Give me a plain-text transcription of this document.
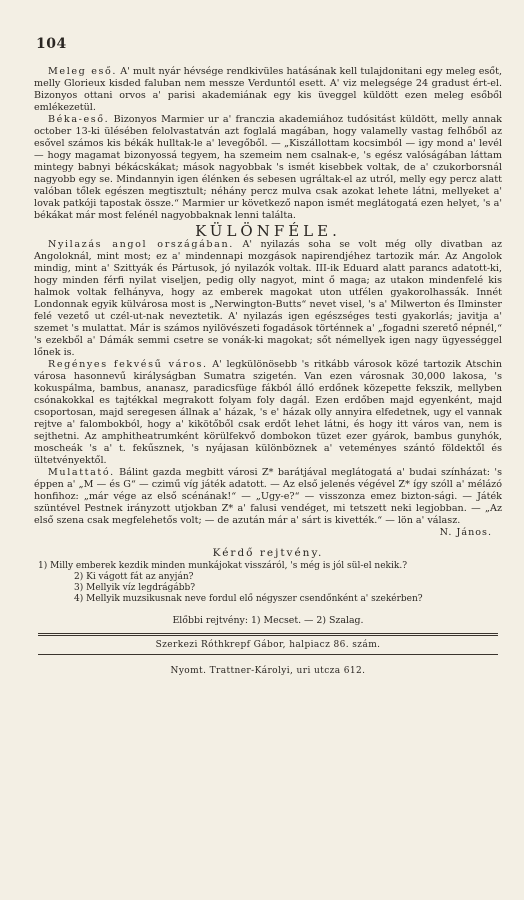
104

Meleg eső. A' mult nyár hévsége rendkivüles hatásának kell tulajdonitani egy meleg esőt, melly Glorieux kisded faluban nem messze Verduntól esett. A' viz melegsége 24 gradust ért-el. Bizonyos ottani orvos a' parisi akademiának egy kis üveggel küldött ezen meleg esőből emlékezetül.

Béka-eső. Bizonyos Marmier ur a' franczia akademiához tudósitást küldött, melly annak october 13-ki ülésében felolvastatván azt foglalá magában, hogy valamelly vastag felhőből az esővel számos kis békák hulltak-le a' levegőből. — „Kiszállottam kocsimból — igy mond a' levél — hogy magamat bizonyossá tegyem, ha szemeim nem csalnak-e, 's egész valóságában láttam mintegy babnyi békácskákat; mások nagyobbak 's ismét kisebbek voltak, de a' czukorborsnál nagyobb egy se. Mindannyin igen élénken és sebesen ugráltak-el az utról, melly egy percz alatt valóban tőlek egészen megtisztult; néhány percz mulva csak azokat lehete látni, mellyeket a' lovak patkóji tapostak össze.“ Marmier ur következő napon ismét meglátogatá ezen helyet, 's a' békákat már most felénél nagyobbaknak lenni találta.

KÜLÖNFÉLE.

Nyilazás angol országában. A' nyilazás soha se volt még olly divatban az Angoloknál, mint most; ez a' mindennapi mozgások napirendjéhez tartozik már. Az Angolok mindig, mint a' Szittyák és Pártusok, jó nyilazók voltak. III-ik Eduard alatt parancs adatott-ki, hogy minden férfi nyilat viseljen, pedig olly nagyot, mint ő maga; az utakon mindenfelé kis halmok voltak felhányva, hogy az emberek magokat uton utfélen gyakorolhassák. Innét Londonnak egyik külvárosa most is „Nerwington-Butts“ nevet visel, 's a' Milwerton és Ilminster felé vezető ut czél-ut-nak neveztetik. A' nyilazás igen egészséges testi gyakorlás; javitja a' szemet 's mulattat. Már is számos nyilövészeti fogadások történnek a' „fogadni szerető népnél,“ 's ezekből a' Dámák semmi csetre se vonák-ki magokat; sőt némellyek igen nagy ügyességgel lőnek is.

Regényes fekvésű város. A' legkülönösebb 's ritkább városok közé tartozik Atschin városa hasonnevű királyságban Sumatra szigetén. Van ezen városnak 30,000 lakosa, 's kokuspálma, bambus, ananasz, paradicsfüge fákból álló erdőnek közepette fekszik, mellyben csónakokkal es tajtékkal megrakott folyam foly dagál. Ezen erdőben majd egyenként, majd csoportosan, majd seregesen állnak a' házak, 's e' házak olly annyira elfedetnek, ugy el vannak rejtve a' falombokból, hogy a' kikötőből csak erdőt lehet látni, és hogy itt város van, nem is sejthetni. Az amphitheatrumként körülfekvő dombokon tüzet ezer gyárok, bambus gunyhók, moscheák 's a' t. fekűsznek, 's nyájasan különböznek a' veteményes szántó földektől és ültetvényektől.

Mulattató. Bálint gazda megbitt városi Z* barátjával meglátogatá a' budai színházat: 's éppen a' „M — és G“ — czimű víg játék adatott. — Az első jelenés végével Z* így szóll a' mélázó honfihoz: „már vége az első scénának!“ — „Ugy-e?“ — visszonza emez bizton-sági. — Játék szüntével Pestnek irányzott utjokban Z* a' falusi vendéget, mi tetszett neki legjobban. — „Az első szena csak megfelehetős volt; — de azután már a' sárt is kivették.“ — lön a' válasz.

N. János.

Kérdő rejtvény.

1) Milly emberek kezdik minden munkájokat visszáról, 's még is jól sül-el nekik.?

2) Ki vágott fát az anyján?

3) Mellyik víz legdrágább?

4) Mellyik muzsikusnak neve fordul elő négyszer csendőnként a' szekérben?

Előbbi rejtvény: 1) Mecset. — 2) Szalag.
Szerkezi Róthkrepf Gábor, halpiacz 86. szám.
Nyomt. Trattner-Károlyi, uri utcza 612.
